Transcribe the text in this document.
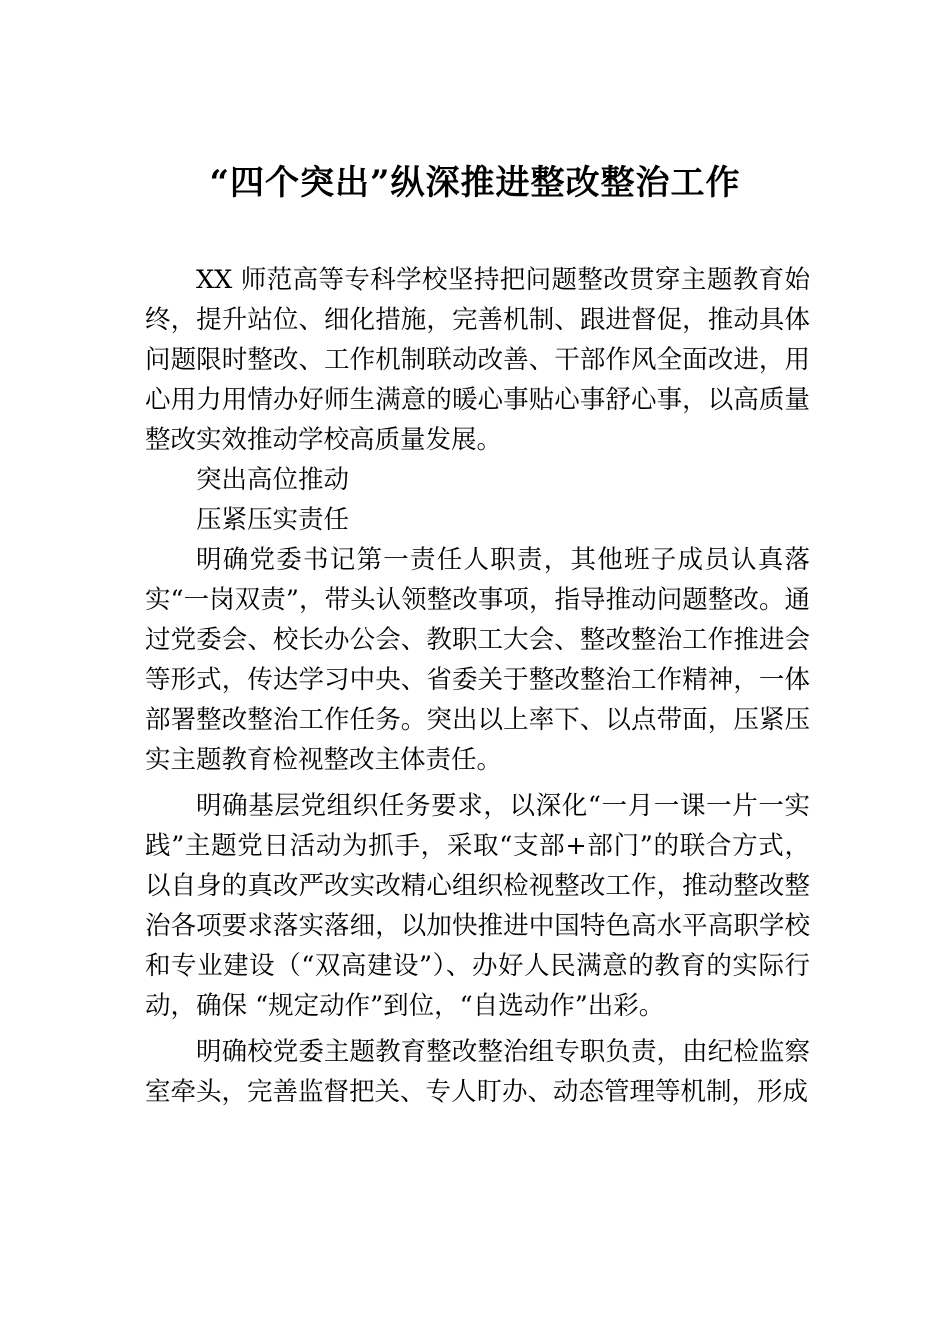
“四个突出”纵深推进整改整治工作

XX 师范高等专科学校坚持把问题整改贯穿主题教育始终，提升站位、细化措施，完善机制、跟进督促，推动具体问题限时整改、工作机制联动改善、干部作风全面改进，用心用力用情办好师生满意的暖心事贴心事舒心事，以高质量整改实效推动学校高质量发展。

突出高位推动

压紧压实责任

明确党委书记第一责任人职责，其他班子成员认真落实“一岗双责”，带头认领整改事项，指导推动问题整改。通过党委会、校长办公会、教职工大会、整改整治工作推进会等形式，传达学习中央、省委关于整改整治工作精神，一体部署整改整治工作任务。突出以上率下、以点带面，压紧压实主题教育检视整改主体责任。

明确基层党组织任务要求，以深化“一月一课一片一实践”主题党日活动为抓手，采取“支部+部门”的联合方式，以自身的真改严改实改精心组织检视整改工作，推动整改整治各项要求落实落细，以加快推进中国特色高水平高职学校和专业建设（“双高建设”）、办好人民满意的教育的实际行动，确保 “规定动作”到位，“自选动作”出彩。

明确校党委主题教育整改整治组专职负责，由纪检监察室牵头，完善监督把关、专人盯办、动态管理等机制，形成
